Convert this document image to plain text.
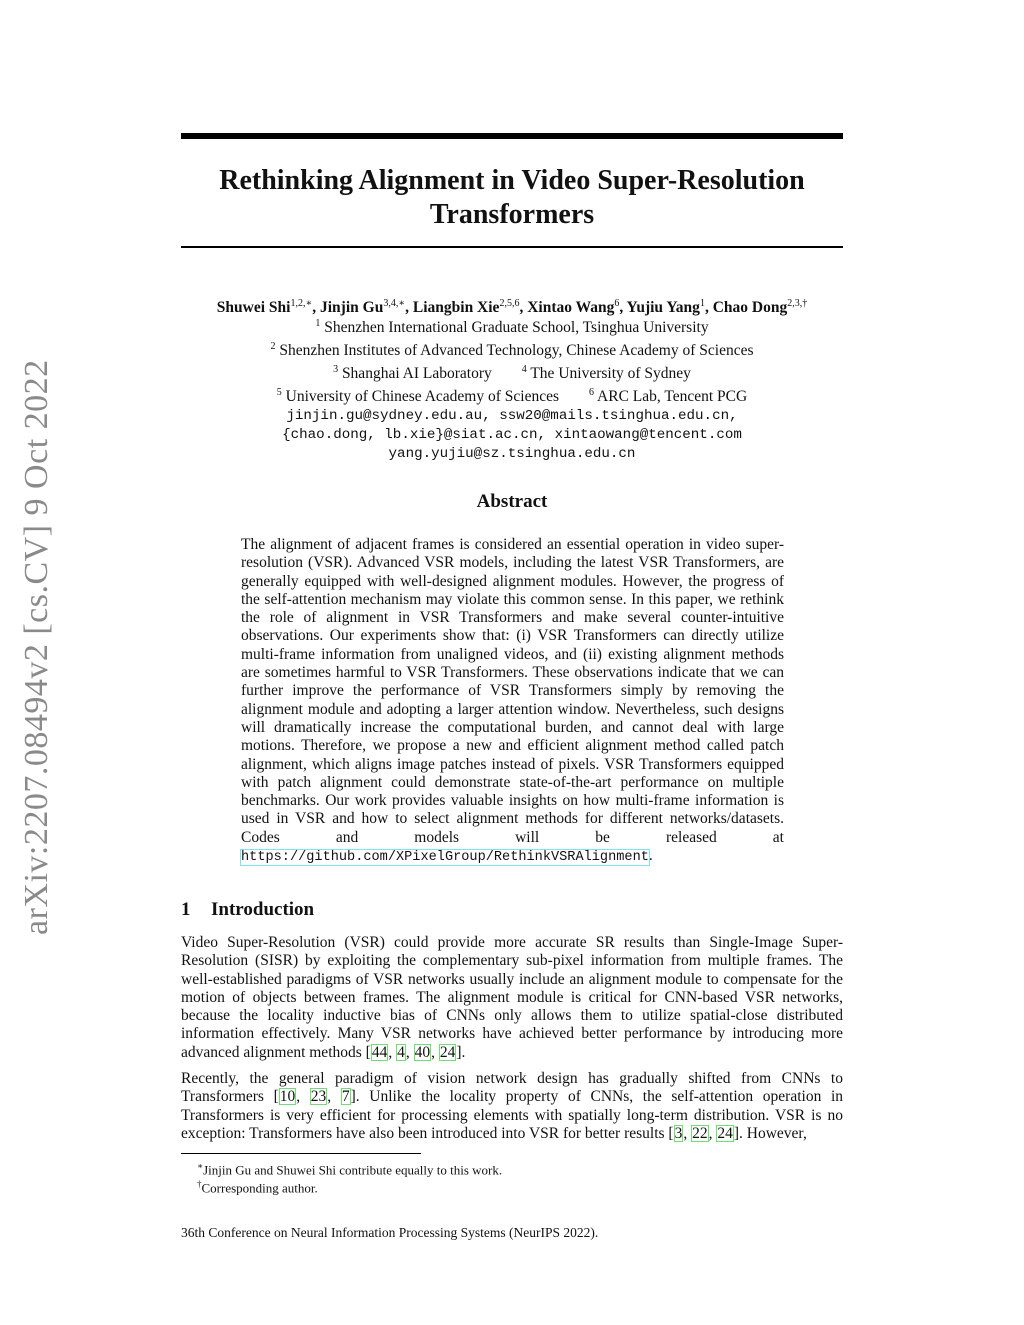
arXiv:2207.08494v2 [cs.CV] 9 Oct 2022
Rethinking Alignment in Video Super-Resolution
Transformers
Shuwei Shi$^{1,2,∗}$, Jinjin $Gu^{3,4,∗}$, Liangbin Xie$^{2,5,6}$, Xintao Wang$^6$, Yujiu Yang$^1$, Chao Dong$^{2,3,\dagger}$
$^1$ Shenzhen International Graduate School, Tsinghua University
$^2$ Shenzhen Institutes of Advanced Technology, Chinese Academy of Sciences
$^3$ Shanghai AI Laboratory	$^4$ The University of Sydney
$^5$ University of Chinese Academy of Sciences	$^6$ ARC Lab, Tencent PCG
jinjin.gu@sydney.edu.au, ssw20@mails.tsinghua.edu.cn,
{chao.dong, lb.xie}@siat.ac.cn, xintaowang@tencent.com
yang.yujiu@sz.tsinghua.edu.cn
Abstract
The alignment of adjacent frames is considered an essential operation in video super-resolution (VSR). Advanced VSR models, including the latest VSR Transformers, are generally equipped with well-designed alignment modules. However, the progress of the self-attention mechanism may violate this common sense. In this paper, we rethink the role of alignment in VSR Transformers and make several counter-intuitive observations. Our experiments show that: (i) VSR Transformers can directly utilize multi-frame information from unaligned videos, and (ii) existing alignment methods are sometimes harmful to VSR Transformers. These observations indicate that we can further improve the performance of VSR Transformers simply by removing the alignment module and adopting a larger attention window. Nevertheless, such designs will dramatically increase the computational burden, and cannot deal with large motions. Therefore, we propose a new and efficient alignment method called patch alignment, which aligns image patches instead of pixels. VSR Transformers equipped with patch alignment could demonstrate state-of-the-art performance on multiple benchmarks. Our work provides valuable insights on how multi-frame information is used in VSR and how to select alignment methods for different networks/datasets. Codes and models will be released at https://github.com/XPixelGroup/RethinkVSRAlignment.
1 Introduction

Video Super-Resolution (VSR) could provide more accurate SR results than Single-Image Super-Resolution (SISR) by exploiting the complementary sub-pixel information from multiple frames. The well-established paradigms of VSR networks usually include an alignment module to compensate for the motion of objects between frames. The alignment module is critical for CNN-based VSR networks, because the locality inductive bias of CNNs only allows them to utilize spatial-close distributed information effectively. Many VSR networks have achieved better performance by introducing more advanced alignment methods [44, 4, 40, 24].

Recently, the general paradigm of vision network design has gradually shifted from CNNs to Transformers [10, 23, 7]. Unlike the locality property of CNNs, the self-attention operation in Transformers is very efficient for processing elements with spatially long-term distribution. VSR is no exception: Transformers have also been introduced into VSR for better results [3, 22, 24]. However,

∗Jinjin Gu and Shuwei Shi contribute equally to this work.
†Corresponding author.
36th Conference on Neural Information Processing Systems (NeurIPS 2022).
